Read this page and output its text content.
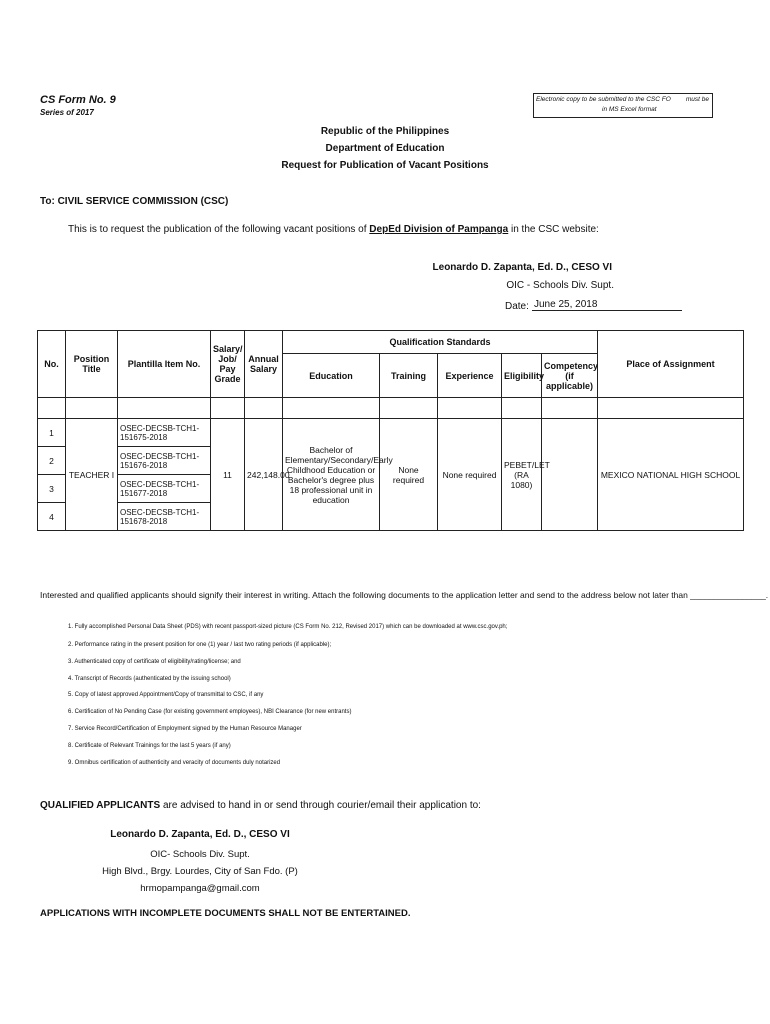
CS Form No. 9
Series of 2017
Electronic copy to be submitted to the CSC FO must be
in MS Excel format
Republic of the Philippines
Department of Education
Request for Publication of Vacant Positions
To: CIVIL SERVICE COMMISSION (CSC)
This is to request the publication of the following vacant positions of DepEd Division of Pampanga in the CSC website:
Leonardo D. Zapanta, Ed. D., CESO VI
OIC - Schools Div. Supt.
Date: June 25, 2018
No.	Position Title	Plantilla Item No.	Salary/ Job/ Pay Grade	Annual Salary	Qualification Standards					Place of Assignment
					Education	Training	Experience	Eligibility	Competency (if applicable)	

1	TEACHER I	OSEC-DECSB-TCH1-151675-2018	11	242,148.00	Bachelor of Elementary/Secondary/Early Childhood Education or Bachelor's degree plus 18 professional unit in education	None required	None required	PEBET/LET (RA 1080)		MEXICO NATIONAL HIGH SCHOOL
2		OSEC-DECSB-TCH1-151676-2018								
3		OSEC-DECSB-TCH1-151677-2018								
4		OSEC-DECSB-TCH1-151678-2018								
Interested and qualified applicants should signify their interest in writing. Attach the following documents to the application letter and send to the address below not later than ________________.
1. Fully accomplished Personal Data Sheet (PDS) with recent passport-sized picture (CS Form No. 212, Revised 2017) which can be downloaded at www.csc.gov.ph;
2. Performance rating in the present position for one (1) year / last two rating periods (if applicable);
3. Authenticated copy of certificate of eligibility/rating/license; and
4. Transcript of Records (authenticated by the issuing school)
5. Copy of latest approved Appointment/Copy of transmittal to CSC, if any
6. Certification of No Pending Case (for existing government employees), NBI Clearance (for new entrants)
7. Service Record/Certification of Employment signed by the Human Resource Manager
8. Certificate of Relevant Trainings for the last 5 years (if any)
9. Omnibus certification of authenticity and veracity of documents duly notarized
QUALIFIED APPLICANTS are advised to hand in or send through courier/email their application to:
Leonardo D. Zapanta, Ed. D., CESO VI
OIC- Schools Div. Supt.
High Blvd., Brgy. Lourdes, City of San Fdo. (P)
hrmopampanga@gmail.com
APPLICATIONS WITH INCOMPLETE DOCUMENTS SHALL NOT BE ENTERTAINED.
